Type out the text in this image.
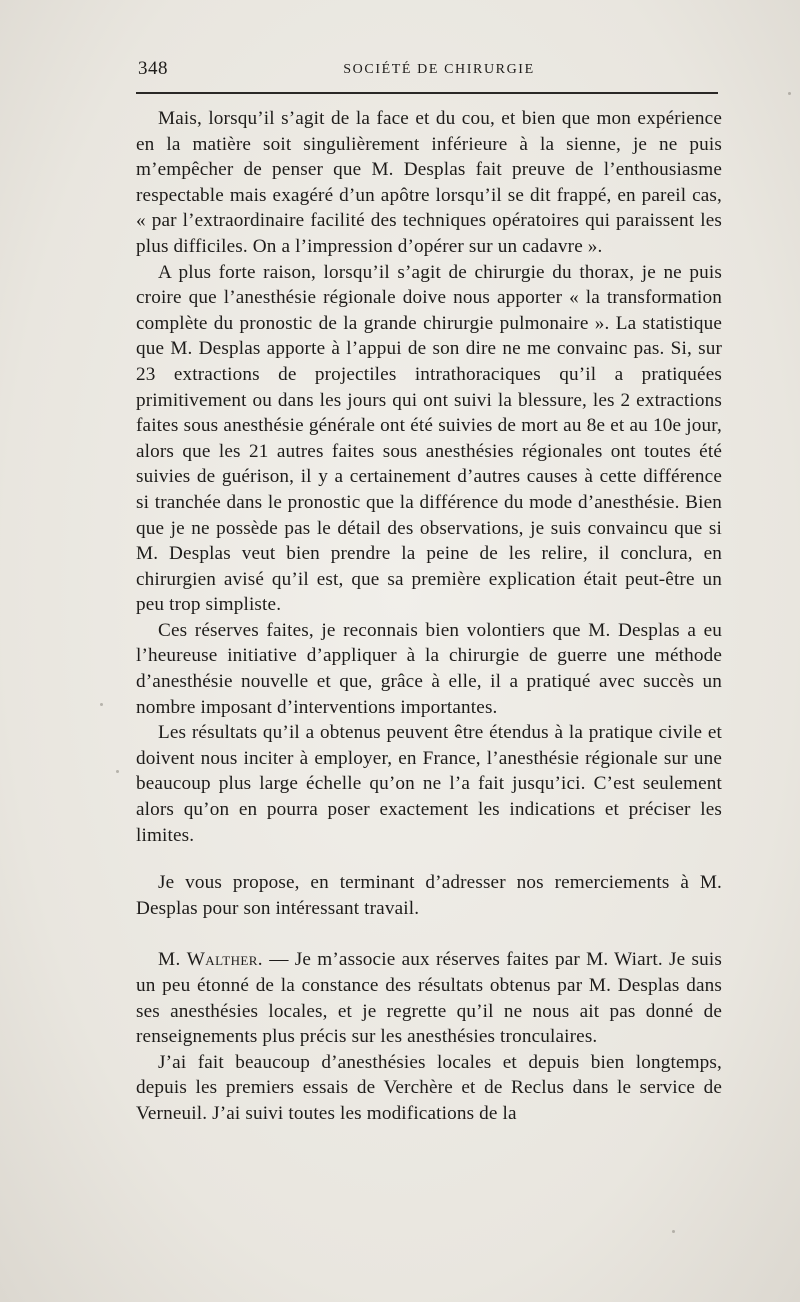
348	SOCIÉTÉ DE CHIRURGIE

Mais, lorsqu’il s’agit de la face et du cou, et bien que mon expérience en la matière soit singulièrement inférieure à la sienne, je ne puis m’empêcher de penser que M. Desplas fait preuve de l’enthousiasme respectable mais exagéré d’un apôtre lorsqu’il se dit frappé, en pareil cas, « par l’extraordinaire facilité des techniques opératoires qui paraissent les plus difficiles. On a l’impression d’opérer sur un cadavre ».

A plus forte raison, lorsqu’il s’agit de chirurgie du thorax, je ne puis croire que l’anesthésie régionale doive nous apporter « la transformation complète du pronostic de la grande chirurgie pulmonaire ». La statistique que M. Desplas apporte à l’appui de son dire ne me convainc pas. Si, sur 23 extractions de projectiles intrathoraciques qu’il a pratiquées primitivement ou dans les jours qui ont suivi la blessure, les 2 extractions faites sous anesthésie générale ont été suivies de mort au 8e et au 10e jour, alors que les 21 autres faites sous anesthésies régionales ont toutes été suivies de guérison, il y a certainement d’autres causes à cette différence si tranchée dans le pronostic que la différence du mode d’anesthésie. Bien que je ne possède pas le détail des observations, je suis convaincu que si M. Desplas veut bien prendre la peine de les relire, il conclura, en chirurgien avisé qu’il est, que sa première explication était peut-être un peu trop simpliste.

Ces réserves faites, je reconnais bien volontiers que M. Desplas a eu l’heureuse initiative d’appliquer à la chirurgie de guerre une méthode d’anesthésie nouvelle et que, grâce à elle, il a pratiqué avec succès un nombre imposant d’interventions importantes.

Les résultats qu’il a obtenus peuvent être étendus à la pratique civile et doivent nous inciter à employer, en France, l’anesthésie régionale sur une beaucoup plus large échelle qu’on ne l’a fait jusqu’ici. C’est seulement alors qu’on en pourra poser exactement les indications et préciser les limites.

Je vous propose, en terminant d’adresser nos remerciements à M. Desplas pour son intéressant travail.

M. Walther. — Je m’associe aux réserves faites par M. Wiart. Je suis un peu étonné de la constance des résultats obtenus par M. Desplas dans ses anesthésies locales, et je regrette qu’il ne nous ait pas donné de renseignements plus précis sur les anesthésies tronculaires.

J’ai fait beaucoup d’anesthésies locales et depuis bien longtemps, depuis les premiers essais de Verchère et de Reclus dans le service de Verneuil. J’ai suivi toutes les modifications de la
